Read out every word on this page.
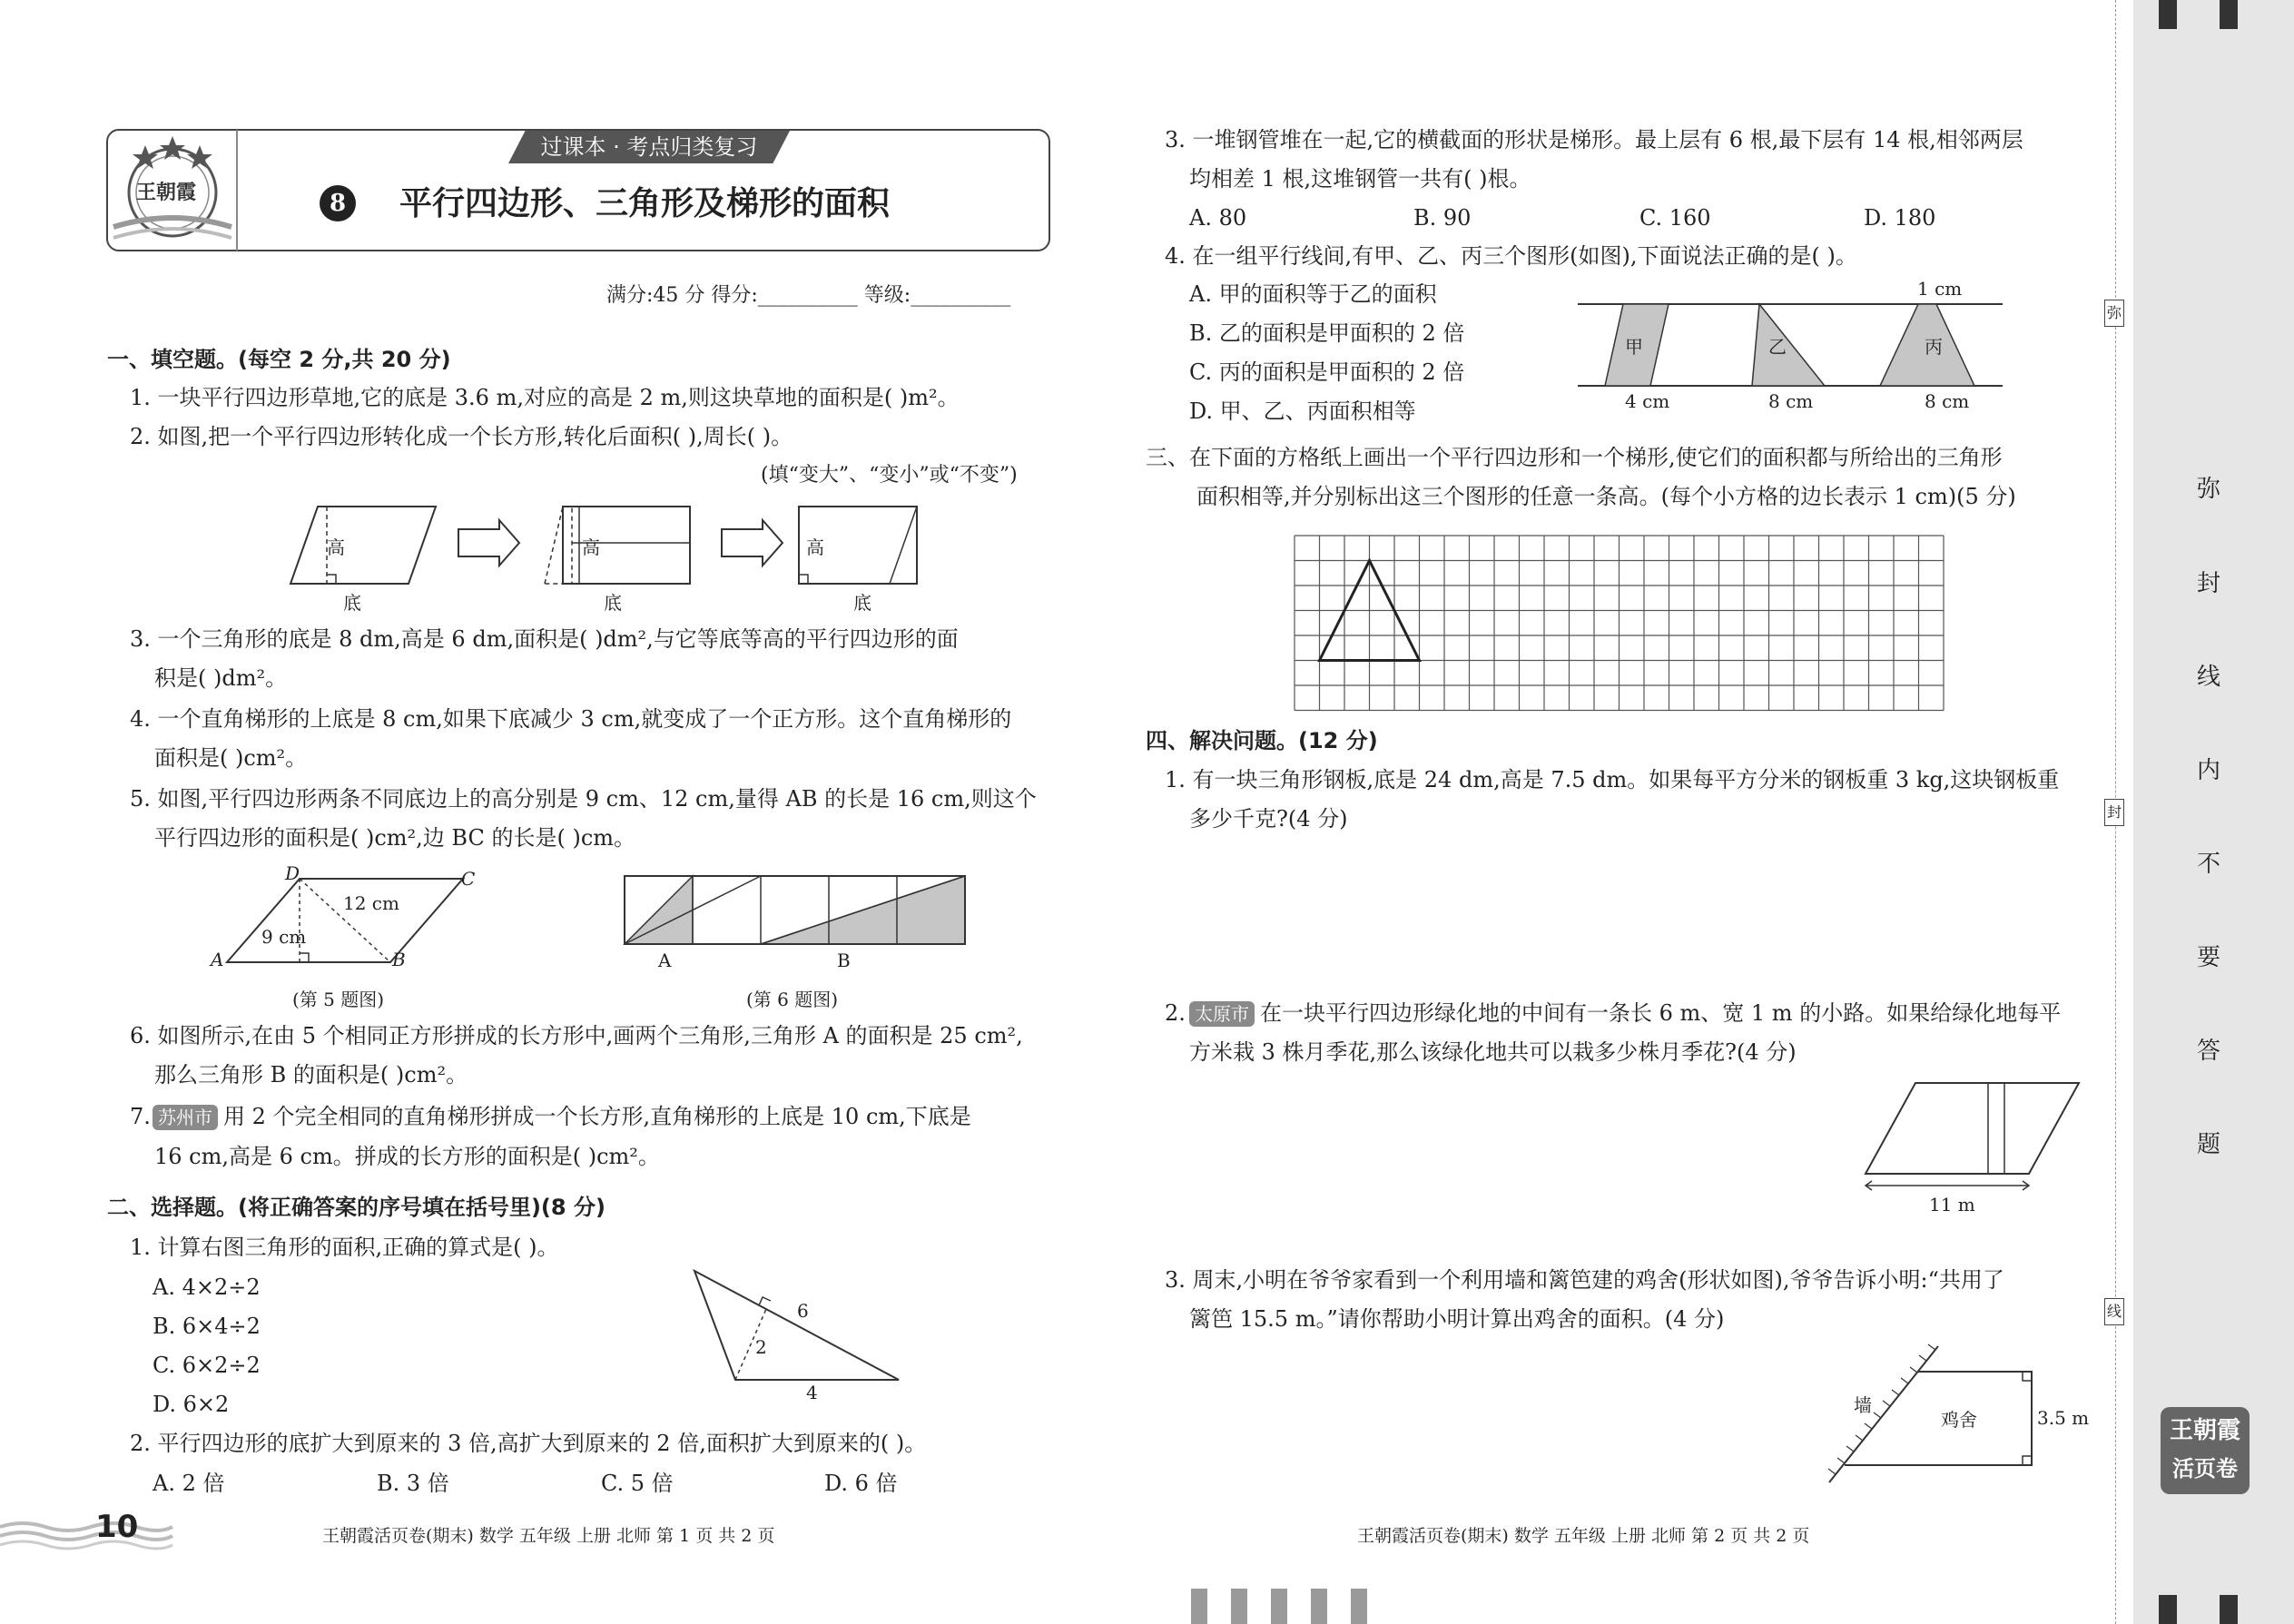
王朝霞
过课本 · 考点归类复习
8	平行四边形、三角形及梯形的面积
满分:45 分 得分:__________ 等级:__________
一、填空题。(每空 2 分,共 20 分)
1. 一块平行四边形草地,它的底是 3.6 m,对应的高是 2 m,则这块草地的面积是( )m²。
2. 如图,把一个平行四边形转化成一个长方形,转化后面积( ),周长( )。
(填“变大”、“变小”或“不变”)
高	高	高
底	底	底
3. 一个三角形的底是 8 dm,高是 6 dm,面积是( )dm²,与它等底等高的平行四边形的面
积是( )dm²。
4. 一个直角梯形的上底是 8 cm,如果下底减少 3 cm,就变成了一个正方形。这个直角梯形的
面积是( )cm²。
5. 如图,平行四边形两条不同底边上的高分别是 9 cm、12 cm,量得 AB 的长是 16 cm,则这个
平行四边形的面积是( )cm²,边 BC 的长是( )cm。
D	C
A	B
12 cm
9 cm
(第 5 题图)
A	B
(第 6 题图)
6. 如图所示,在由 5 个相同正方形拼成的长方形中,画两个三角形,三角形 A 的面积是 25 cm²,
那么三角形 B 的面积是( )cm²。
7. 苏州市 用 2 个完全相同的直角梯形拼成一个长方形,直角梯形的上底是 10 cm,下底是
16 cm,高是 6 cm。拼成的长方形的面积是( )cm²。
二、选择题。(将正确答案的序号填在括号里)(8 分)
1. 计算右图三角形的面积,正确的算式是( )。
A. 4×2÷2
B. 6×4÷2
C. 6×2÷2
D. 6×2
6
2
4
2. 平行四边形的底扩大到原来的 3 倍,高扩大到原来的 2 倍,面积扩大到原来的( )。
A. 2 倍	B. 3 倍	C. 5 倍	D. 6 倍
10	王朝霞活页卷(期末) 数学 五年级 上册 北师 第 1 页 共 2 页
3. 一堆钢管堆在一起,它的横截面的形状是梯形。最上层有 6 根,最下层有 14 根,相邻两层
均相差 1 根,这堆钢管一共有( )根。
A. 80	B. 90	C. 160	D. 180
4. 在一组平行线间,有甲、乙、丙三个图形(如图),下面说法正确的是( )。
A. 甲的面积等于乙的面积
B. 乙的面积是甲面积的 2 倍
C. 丙的面积是甲面积的 2 倍
D. 甲、乙、丙面积相等
1 cm
甲	乙	丙
4 cm	8 cm	8 cm
三、在下面的方格纸上画出一个平行四边形和一个梯形,使它们的面积都与所给出的三角形
面积相等,并分别标出这三个图形的任意一条高。(每个小方格的边长表示 1 cm)(5 分)
四、解决问题。(12 分)
1. 有一块三角形钢板,底是 24 dm,高是 7.5 dm。如果每平方分米的钢板重 3 kg,这块钢板重
多少千克?(4 分)
2. 太原市 在一块平行四边形绿化地的中间有一条长 6 m、宽 1 m 的小路。如果给绿化地每平
方米栽 3 株月季花,那么该绿化地共可以栽多少株月季花?(4 分)
11 m
3. 周末,小明在爷爷家看到一个利用墙和篱笆建的鸡舍(形状如图),爷爷告诉小明:“共用了
篱笆 15.5 m。”请你帮助小明计算出鸡舍的面积。(4 分)
墙
鸡舍	3.5 m
王朝霞活页卷(期末) 数学 五年级 上册 北师 第 2 页 共 2 页
弥
封
线
弥
封
线
内
不
要
答
题
王朝霞
活页卷
